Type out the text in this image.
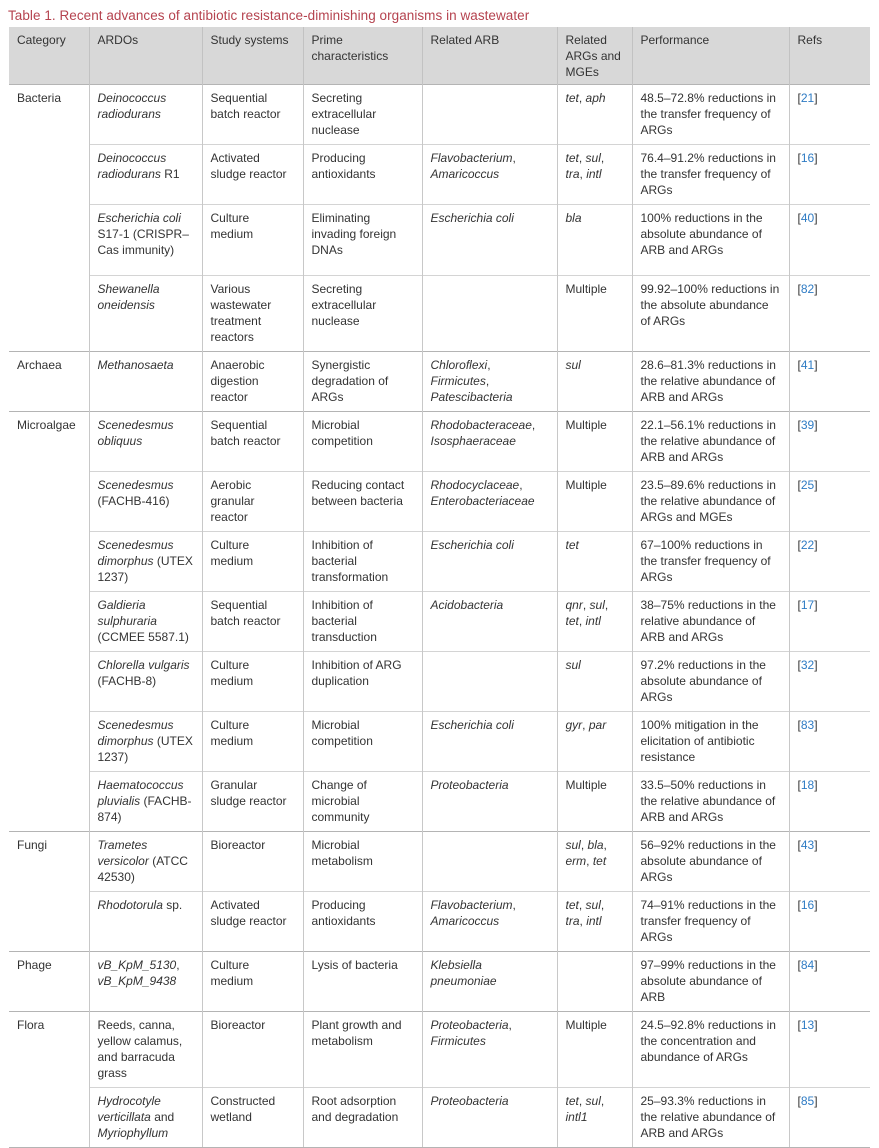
Table 1. Recent advances of antibiotic resistance-diminishing organisms in wastewater
Category	ARDOs	Study systems	Prime characteristics	Related ARB	Related ARGs and MGEs	Performance	Refs
Bacteria	Deinococcus radiodurans	Sequential batch reactor	Secreting extracellular nuclease		tet, aph	48.5–72.8% reductions in the transfer frequency of ARGs	[21]
	Deinococcus radiodurans R1	Activated sludge reactor	Producing antioxidants	Flavobacterium, Amaricoccus	tet, sul, tra, intl	76.4–91.2% reductions in the transfer frequency of ARGs	[16]
	Escherichia coli S17-1 (CRISPR–Cas immunity)	Culture medium	Eliminating invading foreign DNAs	Escherichia coli	bla	100% reductions in the absolute abundance of ARB and ARGs	[40]
	Shewanella oneidensis	Various wastewater treatment reactors	Secreting extracellular nuclease		Multiple	99.92–100% reductions in the absolute abundance of ARGs	[82]
Archaea	Methanosaeta	Anaerobic digestion reactor	Synergistic degradation of ARGs	Chloroflexi, Firmicutes, Patescibacteria	sul	28.6–81.3% reductions in the relative abundance of ARB and ARGs	[41]
Microalgae	Scenedesmus obliquus	Sequential batch reactor	Microbial competition	Rhodobacteraceae, Isosphaeraceae	Multiple	22.1–56.1% reductions in the relative abundance of ARB and ARGs	[39]
	Scenedesmus (FACHB-416)	Aerobic granular reactor	Reducing contact between bacteria	Rhodocyclaceae, Enterobacteriaceae	Multiple	23.5–89.6% reductions in the relative abundance of ARGs and MGEs	[25]
	Scenedesmus dimorphus (UTEX 1237)	Culture medium	Inhibition of bacterial transformation	Escherichia coli	tet	67–100% reductions in the transfer frequency of ARGs	[22]
	Galdieria sulphuraria (CCMEE 5587.1)	Sequential batch reactor	Inhibition of bacterial transduction	Acidobacteria	qnr, sul, tet, intl	38–75% reductions in the relative abundance of ARB and ARGs	[17]
	Chlorella vulgaris (FACHB-8)	Culture medium	Inhibition of ARG duplication		sul	97.2% reductions in the absolute abundance of ARGs	[32]
	Scenedesmus dimorphus (UTEX 1237)	Culture medium	Microbial competition	Escherichia coli	gyr, par	100% mitigation in the elicitation of antibiotic resistance	[83]
	Haematococcus pluvialis (FACHB-874)	Granular sludge reactor	Change of microbial community	Proteobacteria	Multiple	33.5–50% reductions in the relative abundance of ARB and ARGs	[18]
Fungi	Trametes versicolor (ATCC 42530)	Bioreactor	Microbial metabolism		sul, bla, erm, tet	56–92% reductions in the absolute abundance of ARGs	[43]
	Rhodotorula sp.	Activated sludge reactor	Producing antioxidants	Flavobacterium, Amaricoccus	tet, sul, tra, intl	74–91% reductions in the transfer frequency of ARGs	[16]
Phage	vB_KpM_5130, vB_KpM_9438	Culture medium	Lysis of bacteria	Klebsiella pneumoniae		97–99% reductions in the absolute abundance of ARB	[84]
Flora	Reeds, canna, yellow calamus, and barracuda grass	Bioreactor	Plant growth and metabolism	Proteobacteria, Firmicutes	Multiple	24.5–92.8% reductions in the concentration and abundance of ARGs	[13]
	Hydrocotyle verticillata and Myriophyllum	Constructed wetland	Root adsorption and degradation	Proteobacteria	tet, sul, intl1	25–93.3% reductions in the relative abundance of ARB and ARGs	[85]
